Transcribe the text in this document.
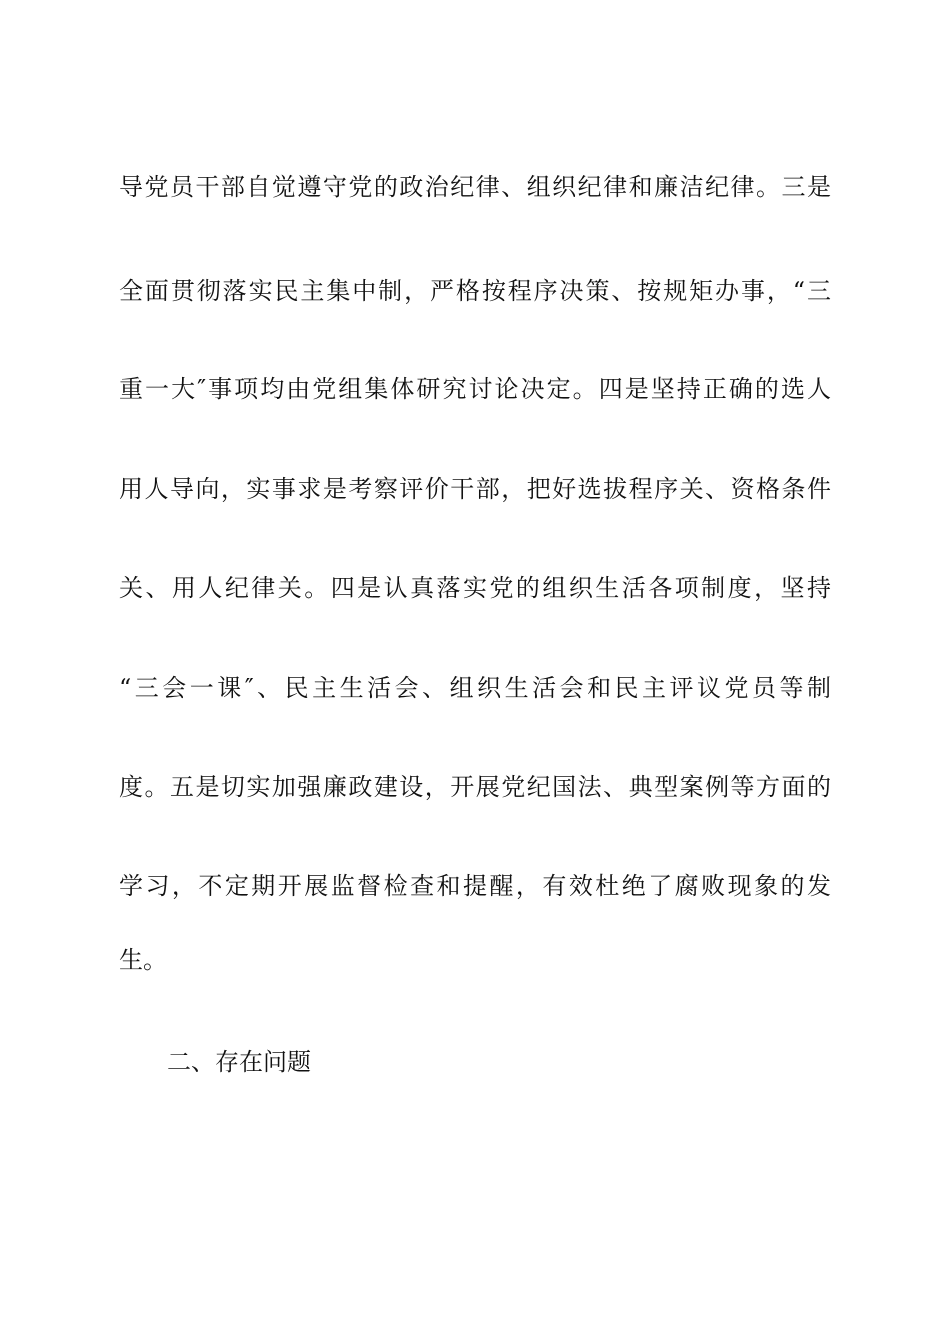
导党员干部自觉遵守党的政治纪律、组织纪律和廉洁纪律。三是
全面贯彻落实民主集中制，严格按程序决策、按规矩办事，“三
重一大″事项均由党组集体研究讨论决定。四是坚持正确的选人
用人导向，实事求是考察评价干部，把好选拔程序关、资格条件
关、用人纪律关。四是认真落实党的组织生活各项制度，坚持
“三会一课″、民主生活会、组织生活会和民主评议党员等制
度。五是切实加强廉政建设，开展党纪国法、典型案例等方面的
学习，不定期开展监督检查和提醒，有效杜绝了腐败现象的发
生。
二、存在问题
